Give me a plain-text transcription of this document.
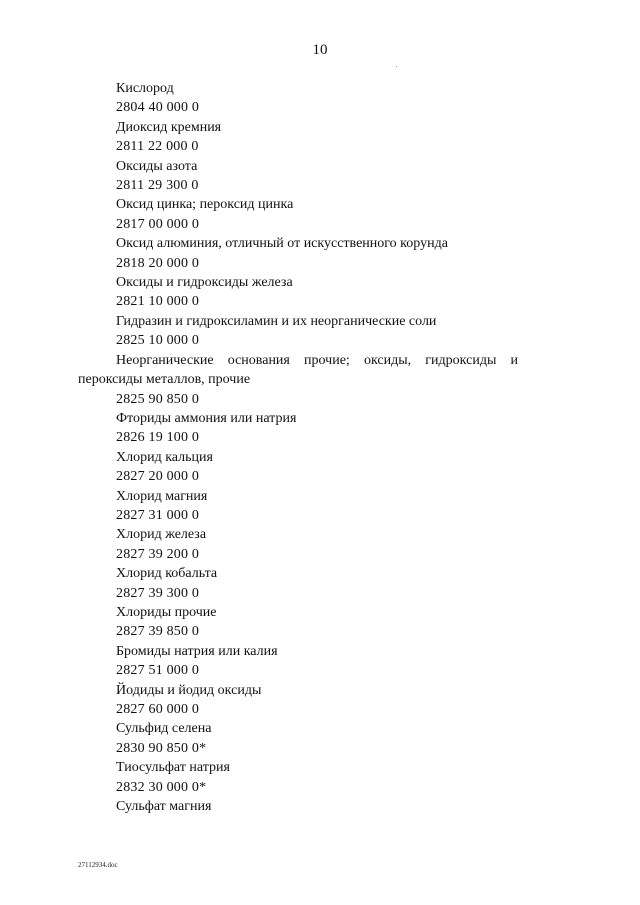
10
Кислород
2804 40 000 0
Диоксид кремния
2811 22 000 0
Оксиды азота
2811 29 300 0
Оксид цинка; пероксид цинка
2817 00 000 0
Оксид алюминия, отличный от искусственного корунда
2818 20 000 0
Оксиды и гидроксиды железа
2821 10 000 0
Гидразин и гидроксиламин и их неорганические соли
2825 10 000 0
Неорганические основания прочие; оксиды, гидроксиды и пероксиды металлов, прочие
2825 90 850 0
Фториды аммония или натрия
2826 19 100 0
Хлорид кальция
2827 20 000 0
Хлорид магния
2827 31 000 0
Хлорид железа
2827 39 200 0
Хлорид кобальта
2827 39 300 0
Хлориды прочие
2827 39 850 0
Бромиды натрия или калия
2827 51 000 0
Йодиды и йодид оксиды
2827 60 000 0
Сульфид селена
2830 90 850 0*
Тиосульфат натрия
2832 30 000 0*
Сульфат магния
27112934.doc
